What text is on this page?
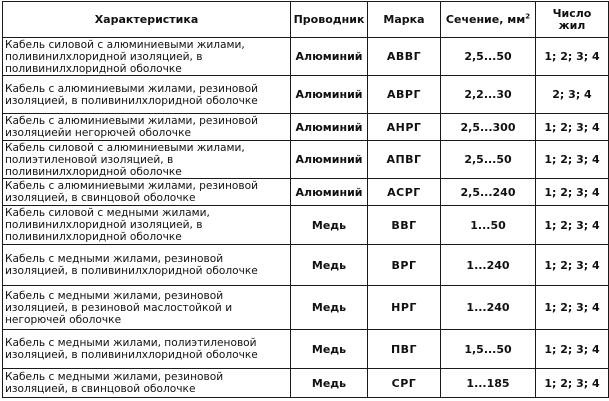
Характеристика	Проводник	Марка	Сечение, $мм^2$	Число жил
Кабель силовой с алюминиевыми жилами, поливинилхлоридной изоляцией, в поливинилхлоридной оболочке	Алюминий	АВВГ	2,5...50	1; 2; 3; 4
Кабель с алюминиевыми жилами, резиновой изоляцией, в поливинилхлоридной оболочке	Алюминий	АВРГ	2,2...30	2; 3; 4
Кабель с алюминиевыми жилами, резиновой изоляциейи негорючей оболочке	Алюминий	АНРГ	2,5...300	1; 2; 3; 4
Кабель силовой с алюминиевыми жилами, полиэтиленовой изоляцией, в поливинилхлоридной оболочке	Алюминий	АПВГ	2,5...50	1; 2; 3; 4
Кабель с алюминиевыми жилами, резиновой изоляцией, в свинцовой оболочке	Алюминий	АСРГ	2,5...240	1; 2; 3; 4
Кабель силовой с медными жилами, поливинилхлоридной изоляцией, в поливинилхлоридной оболочке	Медь	ВВГ	1...50	1; 2; 3; 4
Кабель с медными жилами, резиновой изоляцией, в поливинилхлоридной оболочке	Медь	ВРГ	1...240	1; 2; 3; 4
Кабель с медными жилами, резиновой изоляцией, в резиновой маслостойкой и негорючей оболочке	Медь	НРГ	1...240	1; 2; 3; 4
Кабель с медными жилами, полиэтиленовой изоляцией, в поливинилхлоридной оболочке	Медь	ПВГ	1,5...50	1; 2; 3; 4
Кабель с медными жилами, резиновой изоляцией, в свинцовой оболочке	Медь	СРГ	1...185	1; 2; 3; 4
